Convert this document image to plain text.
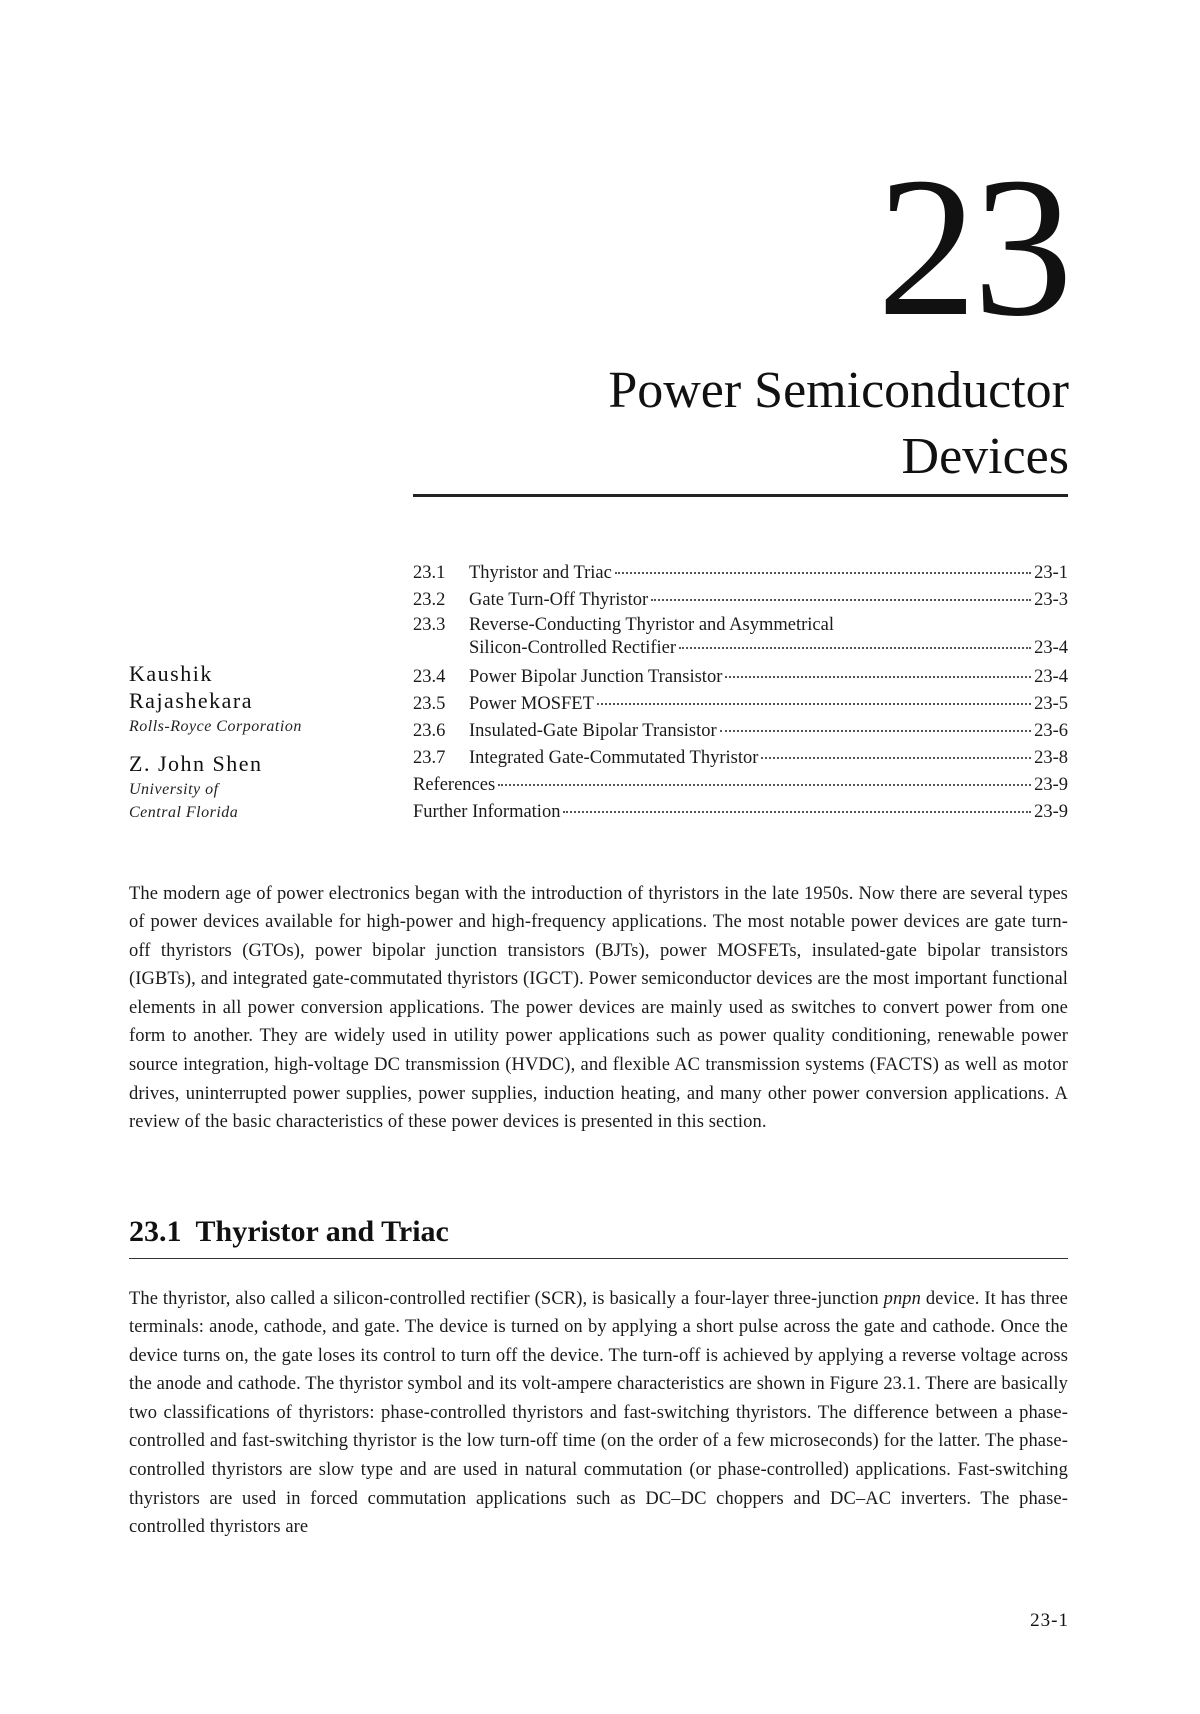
23
Power Semiconductor
Devices
Kaushik
Rajashekara
Rolls-Royce Corporation
Z. John Shen
University of
Central Florida
23.1	Thyristor and Triac	23-1
23.2	Gate Turn-Off Thyristor	23-3
23.3	Reverse-Conducting Thyristor and Asymmetrical
Silicon-Controlled Rectifier	23-4
23.4	Power Bipolar Junction Transistor	23-4
23.5	Power MOSFET	23-5
23.6	Insulated-Gate Bipolar Transistor	23-6
23.7	Integrated Gate-Commutated Thyristor	23-8
References	23-9
Further Information	23-9

The modern age of power electronics began with the introduction of thyristors in the late 1950s. Now there are several types of power devices available for high-power and high-frequency applications. The most notable power devices are gate turn-off thyristors (GTOs), power bipolar junction transistors (BJTs), power MOSFETs, insulated-gate bipolar transistors (IGBTs), and integrated gate-commutated thyristors (IGCT). Power semiconductor devices are the most important functional elements in all power conversion applications. The power devices are mainly used as switches to convert power from one form to another. They are widely used in utility power applications such as power quality conditioning, renewable power source integration, high-voltage DC transmission (HVDC), and flexible AC transmission systems (FACTS) as well as motor drives, uninterrupted power supplies, power supplies, induction heating, and many other power conversion applications. A review of the basic characteristics of these power devices is presented in this section.

23.1 Thyristor and Triac

The thyristor, also called a silicon-controlled rectifier (SCR), is basically a four-layer three-junction pnpn device. It has three terminals: anode, cathode, and gate. The device is turned on by applying a short pulse across the gate and cathode. Once the device turns on, the gate loses its control to turn off the device. The turn-off is achieved by applying a reverse voltage across the anode and cathode. The thyristor symbol and its volt-ampere characteristics are shown in Figure 23.1. There are basically two classifications of thyristors: phase-controlled thyristors and fast-switching thyristors. The difference between a phase-controlled and fast-switching thyristor is the low turn-off time (on the order of a few microseconds) for the latter. The phase-controlled thyristors are slow type and are used in natural commutation (or phase-controlled) applications. Fast-switching thyristors are used in forced commutation applications such as DC–DC choppers and DC–AC inverters. The phase-controlled thyristors are

23-1
